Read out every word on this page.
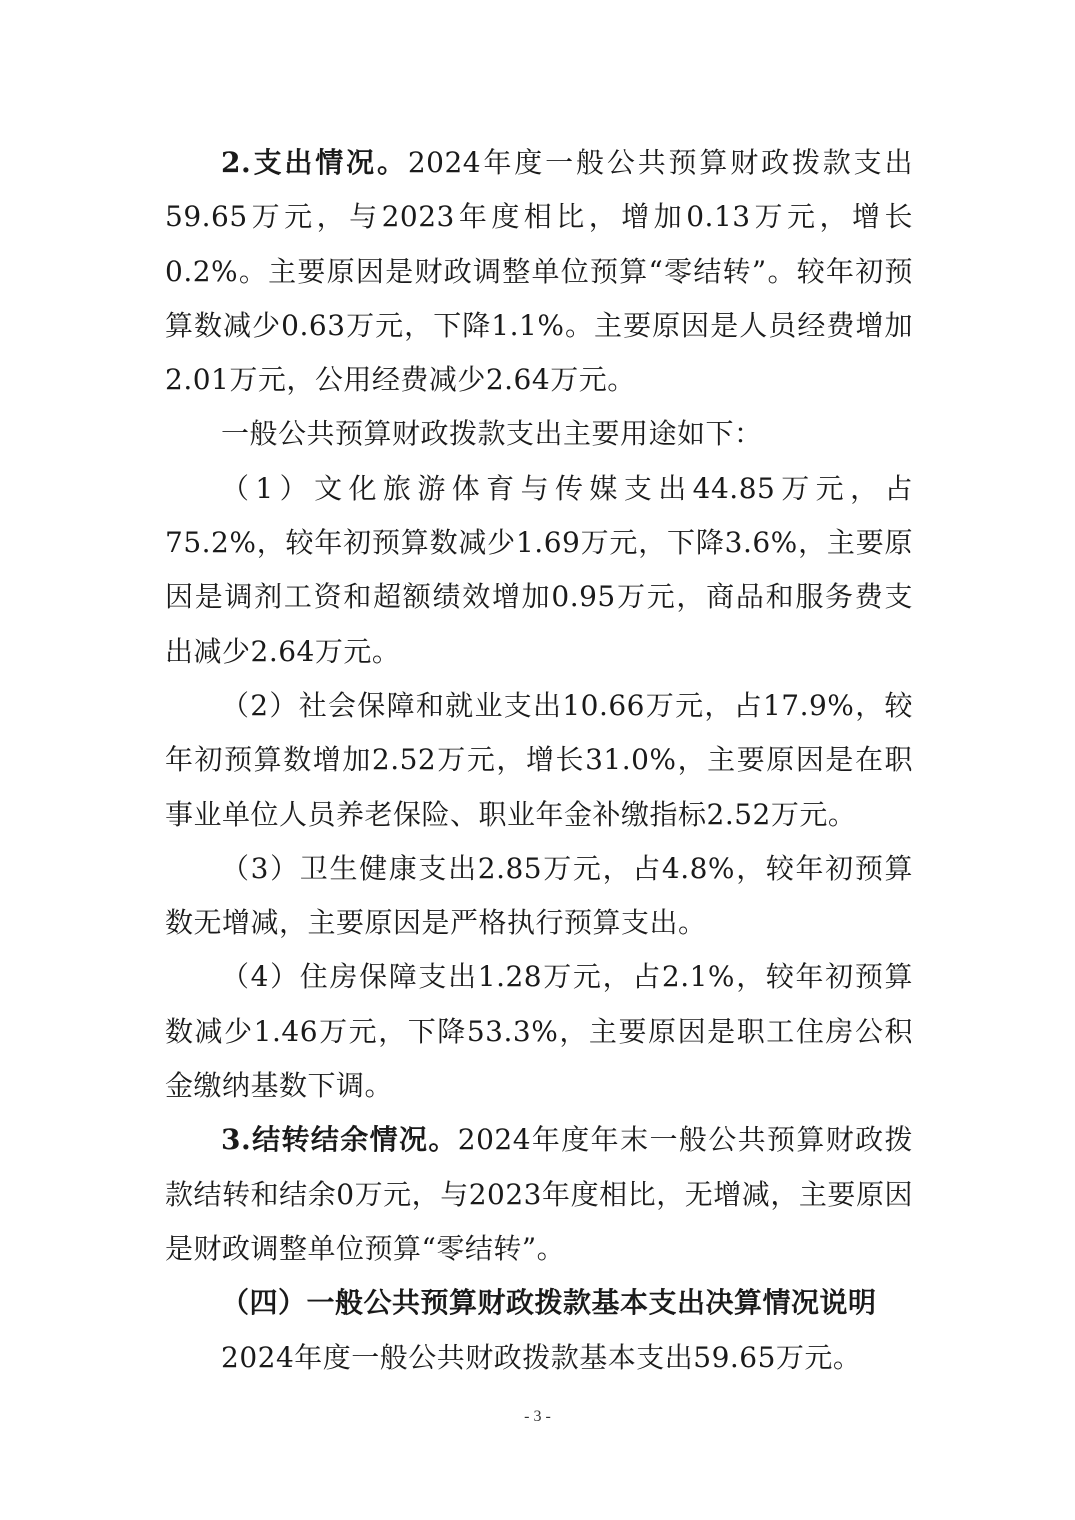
2.支出情况。2024年度一般公共预算财政拨款支出59.65万元，与2023年度相比，增加0.13万元，增长0.2%。主要原因是财政调整单位预算“零结转”。较年初预算数减少0.63万元，下降1.1%。主要原因是人员经费增加2.01万元，公用经费减少2.64万元。

一般公共预算财政拨款支出主要用途如下：

（1）文化旅游体育与传媒支出44.85万元，占75.2%，较年初预算数减少1.69万元，下降3.6%，主要原因是调剂工资和超额绩效增加0.95万元，商品和服务费支出减少2.64万元。

（2）社会保障和就业支出10.66万元，占17.9%，较年初预算数增加2.52万元，增长31.0%，主要原因是在职事业单位人员养老保险、职业年金补缴指标2.52万元。

（3）卫生健康支出2.85万元，占4.8%，较年初预算数无增减，主要原因是严格执行预算支出。

（4）住房保障支出1.28万元，占2.1%，较年初预算数减少1.46万元，下降53.3%，主要原因是职工住房公积金缴纳基数下调。

3.结转结余情况。2024年度年末一般公共预算财政拨款结转和结余0万元，与2023年度相比，无增减，主要原因是财政调整单位预算“零结转”。

（四）一般公共预算财政拨款基本支出决算情况说明

2024年度一般公共财政拨款基本支出59.65万元。

- 3 -
